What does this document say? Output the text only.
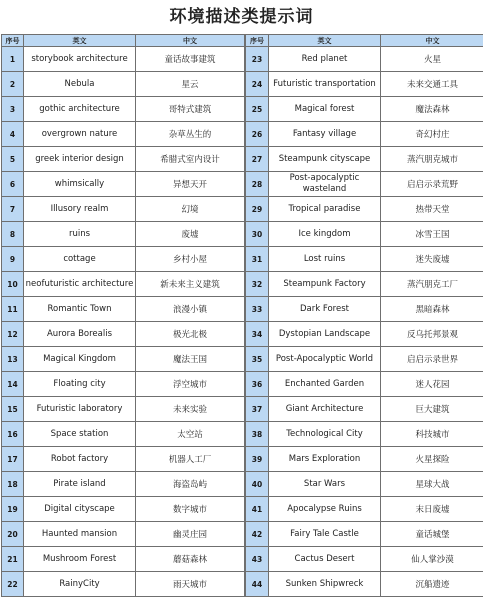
环境描述类提示词
序号	英文	中文
1	storybook architecture	童话故事建筑
2	Nebula	星云
3	gothic architecture	哥特式建筑
4	overgrown nature	杂草丛生的
5	greek interior design	希腊式室内设计
6	whimsically	异想天开
7	Illusory realm	幻境
8	ruins	废墟
9	cottage	乡村小屋
10	neofuturistic architecture	新未来主义建筑
11	Romantic Town	浪漫小镇
12	Aurora Borealis	极光北极
13	Magical Kingdom	魔法王国
14	Floating city	浮空城市
15	Futuristic laboratory	未来实验
16	Space station	太空站
17	Robot factory	机器人工厂
18	Pirate island	海盗岛屿
19	Digital cityscape	数字城市
20	Haunted mansion	幽灵庄园
21	Mushroom Forest	蘑菇森林
22	RainyCity	雨天城市
序号	英文	中文
23	Red planet	火星
24	Futuristic transportation	未来交通工具
25	Magical forest	魔法森林
26	Fantasy village	奇幻村庄
27	Steampunk cityscape	蒸汽朋克城市
28	Post-apocalyptic wasteland	启启示录荒野
29	Tropical paradise	热带天堂
30	Ice kingdom	冰雪王国
31	Lost ruins	迷失废墟
32	Steampunk Factory	蒸汽朋克工厂
33	Dark Forest	黑暗森林
34	Dystopian Landscape	反乌托邦景观
35	Post-Apocalyptic World	启启示录世界
36	Enchanted Garden	迷人花园
37	Giant Architecture	巨大建筑
38	Technological City	科技城市
39	Mars Exploration	火星探险
40	Star Wars	星球大战
41	Apocalypse Ruins	末日废墟
42	Fairy Tale Castle	童话城堡
43	Cactus Desert	仙人掌沙漠
44	Sunken Shipwreck	沉船遗迹
